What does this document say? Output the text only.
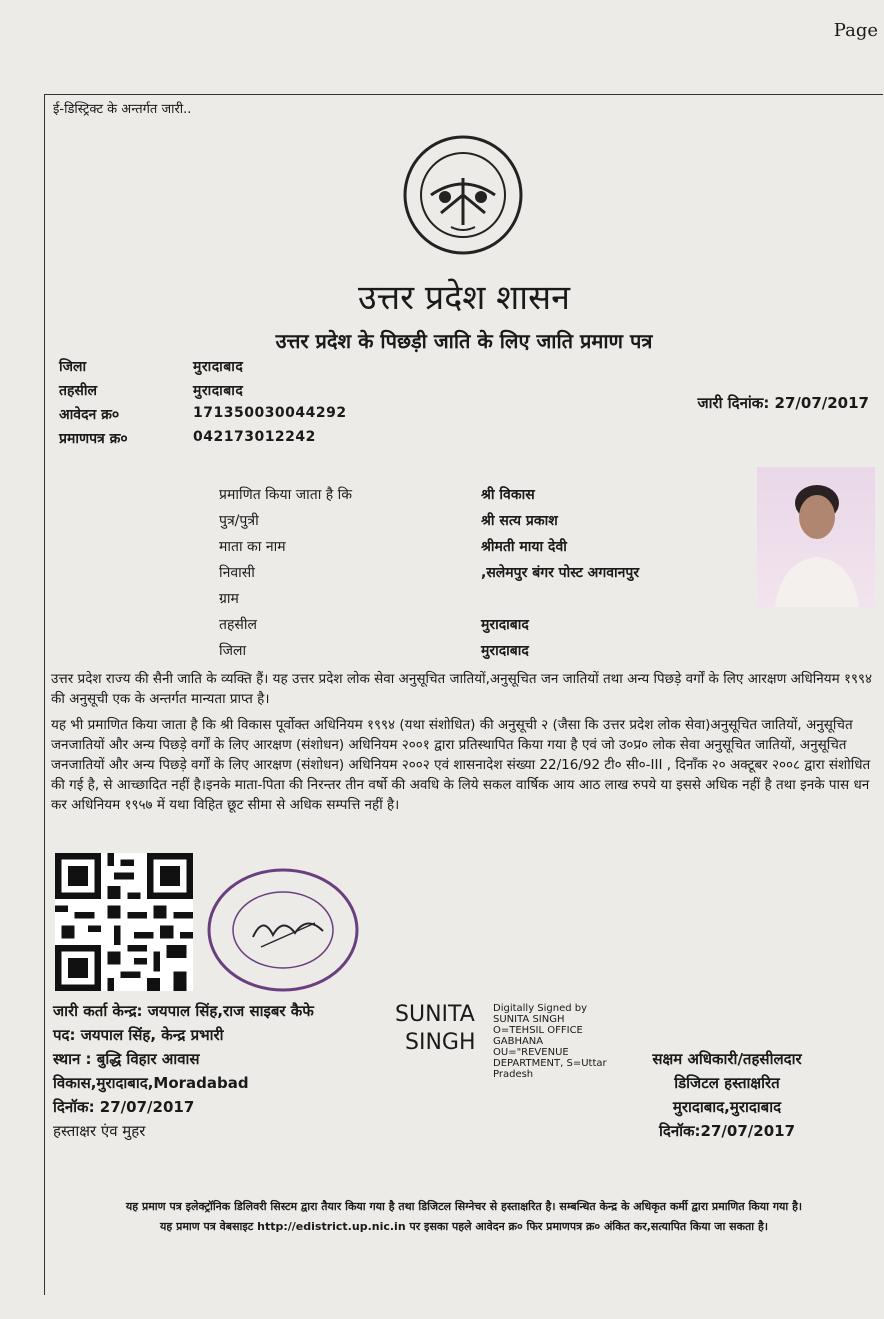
Page
ई-डिस्ट्रिक्ट के अन्तर्गत जारी..
उत्तर प्रदेश शासन
उत्तर प्रदेश के पिछड़ी जाति के लिए जाति प्रमाण पत्र
जिला	मुरादाबाद
तहसील	मुरादाबाद
आवेदन क्र०	171350030044292
प्रमाणपत्र क्र०	042173012242
जारी दिनांक: 27/07/2017
प्रमाणित किया जाता है कि	श्री विकास
पुत्र/पुत्री	श्री सत्य प्रकाश
माता का नाम	श्रीमती माया देवी
निवासी	,सलेमपुर बंगर पोस्ट अगवानपुर
ग्राम
तहसील	मुरादाबाद
जिला	मुरादाबाद
उत्तर प्रदेश राज्य की सैनी जाति के व्यक्ति हैं। यह उत्तर प्रदेश लोक सेवा अनुसूचित जातियों,अनुसूचित जन जातियों तथा अन्य पिछड़े वर्गों के लिए आरक्षण अधिनियम १९९४ की अनुसूची एक के अन्तर्गत मान्यता प्राप्त है।
यह भी प्रमाणित किया जाता है कि श्री विकास पूर्वोक्त अधिनियम १९९४ (यथा संशोधित) की अनुसूची २ (जैसा कि उत्तर प्रदेश लोक सेवा)अनुसूचित जातियों, अनुसूचित जनजातियों और अन्य पिछड़े वर्गों के लिए आरक्षण (संशोधन) अधिनियम २००१ द्वारा प्रतिस्थापित किया गया है एवं जो उ०प्र० लोक सेवा अनुसूचित जातियों, अनुसूचित जनजातियों और अन्य पिछड़े वर्गों के लिए आरक्षण (संशोधन) अधिनियम २००२ एवं शासनादेश संख्या 22/16/92 टी० सी०-III , दिनाँक २० अक्टूबर २००८ द्वारा संशोधित की गई है, से आच्छादित नहीं है।इनके माता-पिता की निरन्तर तीन वर्षो की अवधि के लिये सकल वार्षिक आय आठ लाख रुपये या इससे अधिक नहीं है तथा इनके पास धन कर अधिनियम १९५७ में यथा विहित छूट सीमा से अधिक सम्पत्ति नहीं है।
जारी कर्ता केन्द्र: जयपाल सिंह,राज साइबर कैफे
पद: जयपाल सिंह, केन्द्र प्रभारी
स्थान : बुद्धि विहार आवास
विकास,मुरादाबाद,Moradabad
दिनॉक: 27/07/2017
हस्ताक्षर एंव मुहर
SUNITA
SINGH
Digitally Signed by
SUNITA SINGH
O=TEHSIL OFFICE
GABHANA
OU="REVENUE
DEPARTMENT, S=Uttar
Pradesh
सक्षम अधिकारी/तहसीलदार
डिजिटल हस्ताक्षरित
मुरादाबाद,मुरादाबाद
दिनॉक:27/07/2017
यह प्रमाण पत्र इलेक्ट्रॉनिक डिलिवरी सिस्टम द्वारा तैयार किया गया है तथा डिजिटल सिग्नेचर से हस्ताक्षरित है। सम्बन्धित केन्द्र के अधिकृत कर्मी द्वारा प्रमाणित किया गया है।
यह प्रमाण पत्र वेबसाइट http://edistrict.up.nic.in पर इसका पहले आवेदन क्र० फिर प्रमाणपत्र क्र० अंकित कर,सत्यापित किया जा सकता है।
